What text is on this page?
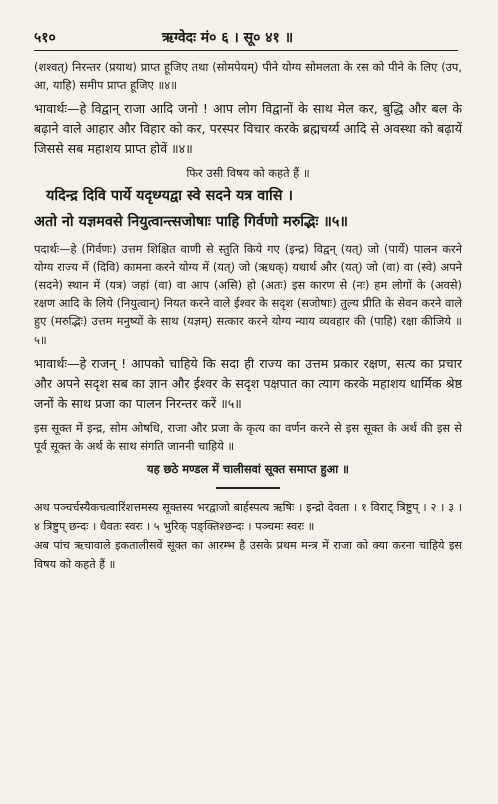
५१०	ऋग्वेदः मं० ६ । सू० ४१ ॥

(शश्वत्) निरन्तर (प्रयाथ) प्राप्त हूजिए तथा (सोमपेयम्) पीने योग्य सोमलता के रस को पीने के लिए (उप, आ, याहि) समीप प्राप्त हूजिए ॥४॥

भावार्थः—हे विद्वान् राजा आदि जनो ! आप लोग विद्वानों के साथ मेल कर, बुद्धि और बल के बढ़ाने वाले आहार और विहार को कर, परस्पर विचार करके ब्रह्मचर्य्य आदि से अवस्था को बढ़ायें जिससे सब महाशय प्राप्त होवें ॥४॥

फिर उसी विषय को कहते हैं ॥

यदिन्द्र दिवि पार्ये यदृध्ग्यद्वा स्वे सदने यत्र वासि ।

अतो नो यज्ञमवसे नियुत्वान्त्सजोषाः पाहि गिर्वणो मरुद्भिः ॥५॥

पदार्थः—हे (गिर्वणः) उत्तम शिक्षित वाणी से स्तुति किये गए (इन्द्र) विद्वन् (यत्) जो (पार्ये) पालन करने योग्य राज्य में (दिवि) कामना करने योग्य में (यत्) जो (ऋधक्) यथार्थ और (यत्) जो (वा) वा (स्वे) अपने (सदने) स्थान में (यत्र) जहां (वा) वा आप (असि) हो (अतः) इस कारण से (नः) हम लोगों के (अवसे) रक्षण आदि के लिये (नियुत्वान्) नियत करने वाले ईश्वर के सदृश (सजोषाः) तुल्य प्रीति के सेवन करने वाले हुए (मरुद्भिः) उत्तम मनुष्यों के साथ (यज्ञम्) सत्कार करने योग्य न्याय व्यवहार की (पाहि) रक्षा कीजिये ॥५॥

भावार्थः—हे राजन् ! आपको चाहिये कि सदा ही राज्य का उत्तम प्रकार रक्षण, सत्य का प्रचार और अपने सदृश सब का ज्ञान और ईश्वर के सदृश पक्षपात का त्याग करके महाशय धार्मिक श्रेष्ठ जनों के साथ प्रजा का पालन निरन्तर करें ॥५॥

इस सूक्त में इन्द्र, सोम ओषधि, राजा और प्रजा के कृत्य का वर्णन करने से इस सूक्त के अर्थ की इस से पूर्व सूक्त के अर्थ के साथ संगति जाननी चाहिये ॥

यह छठे मण्डल में चालीसवां सूक्त समाप्त हुआ ॥

अथ पञ्चर्चस्यैकचत्वारिंशत्तमस्य सूक्तस्य भरद्वाजो बार्हस्पत्य ऋषिः । इन्द्रो देवता । १ विराट् त्रिष्टुप् । २ । ३ । ४ त्रिष्टुप् छन्दः । धैवतः स्वरः । ५ भुरिक् पङ्क्तिश्छन्दः । पञ्चमः स्वरः ॥

अब पांच ऋचावाले इकतालीसवें सूक्त का आरम्भ है उसके प्रथम मन्त्र में राजा को क्या करना चाहिये इस विषय को कहते हैं ॥
